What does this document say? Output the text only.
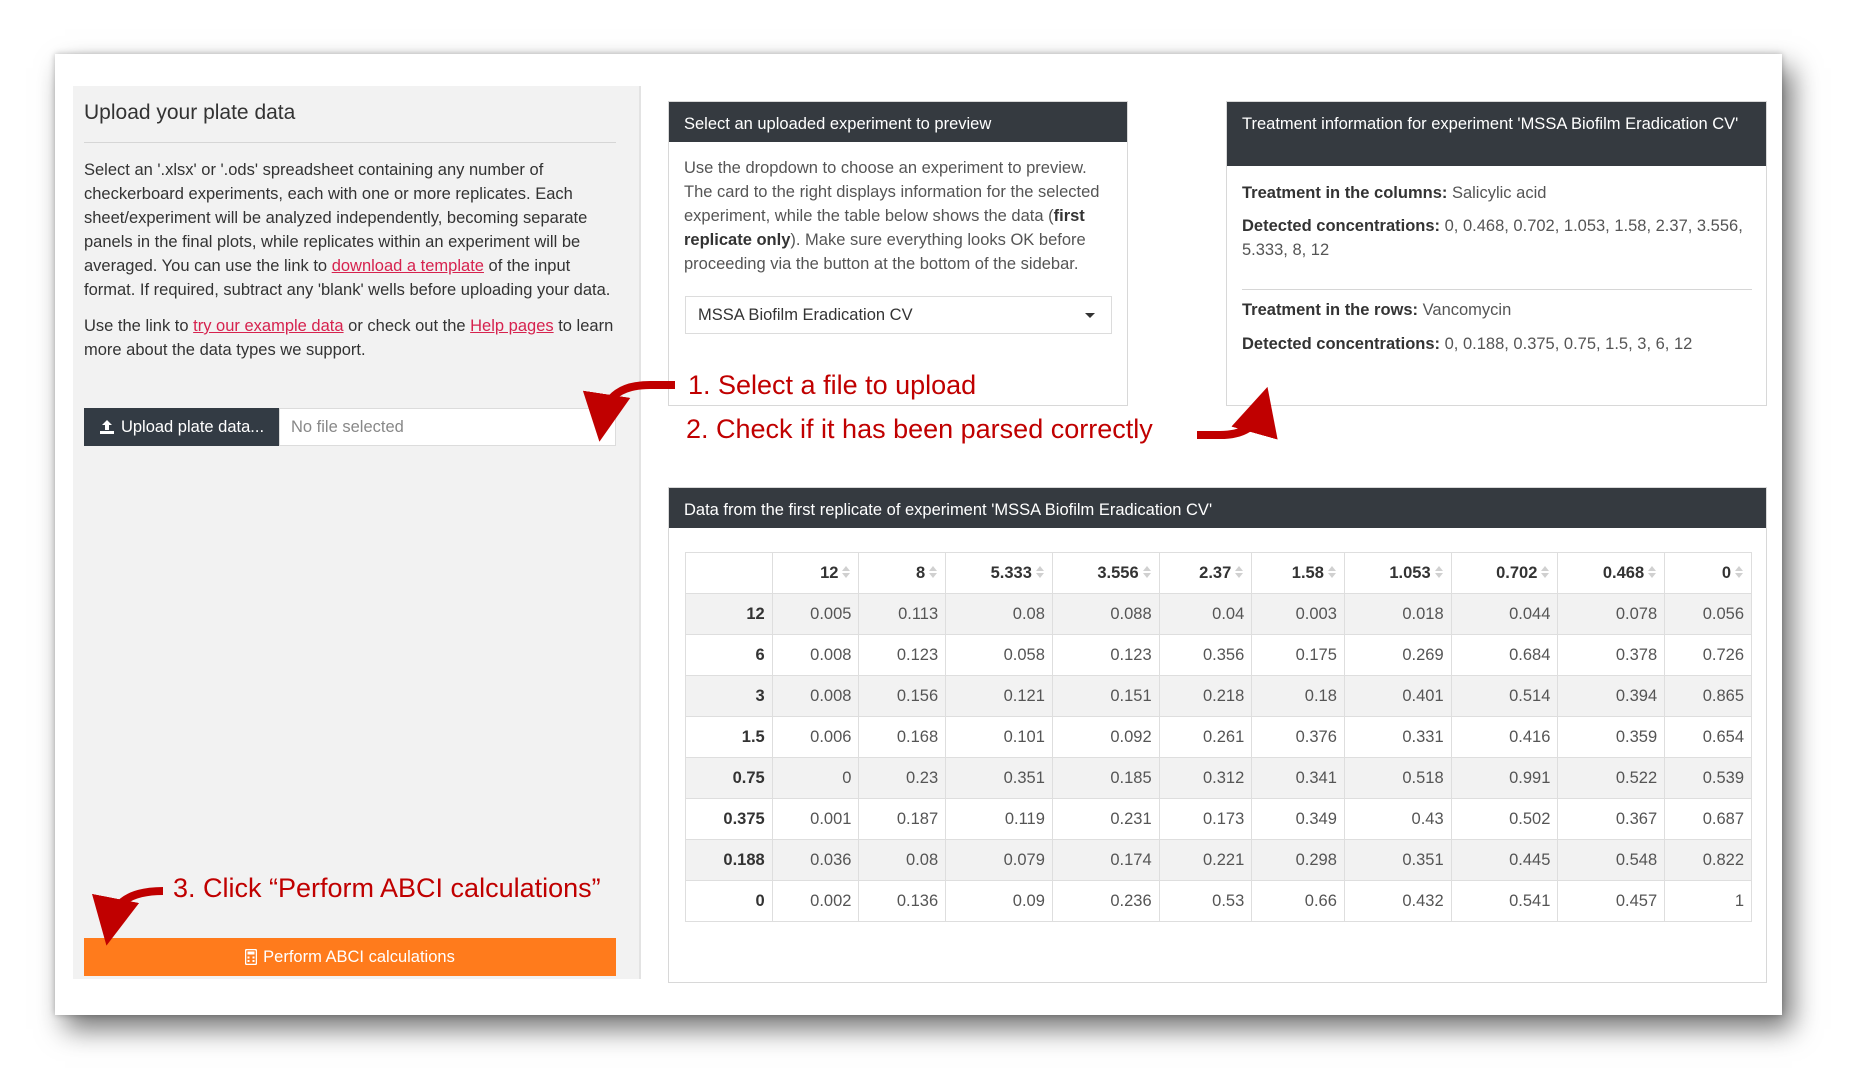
Upload your plate data

Select an '.xlsx' or '.ods' spreadsheet containing any number of checkerboard experiments, each with one or more replicates. Each sheet/experiment will be analyzed independently, becoming separate panels in the final plots, while replicates within an experiment will be averaged. You can use the link to download a template of the input format. If required, subtract any 'blank' wells before uploading your data.

Use the link to try our example data or check out the Help pages to learn more about the data types we support.

Upload plate data...	No file selected
Perform ABCI calculations
Select an uploaded experiment to preview
Use the dropdown to choose an experiment to preview. The card to the right displays information for the selected experiment, while the table below shows the data (first replicate only). Make sure everything looks OK before proceeding via the button at the bottom of the sidebar.
MSSA Biofilm Eradication CV
Treatment information for experiment 'MSSA Biofilm Eradication CV'
Treatment in the columns: Salicylic acid
Detected concentrations: 0, 0.468, 0.702, 1.053, 1.58, 2.37, 3.556, 5.333, 8, 12
Treatment in the rows: Vancomycin
Detected concentrations: 0, 0.188, 0.375, 0.75, 1.5, 3, 6, 12
Data from the first replicate of experiment 'MSSA Biofilm Eradication CV'
	12	8	5.333	3.556	2.37	1.58	1.053	0.702	0.468	0
12	0.005	0.113	0.08	0.088	0.04	0.003	0.018	0.044	0.078	0.056
6	0.008	0.123	0.058	0.123	0.356	0.175	0.269	0.684	0.378	0.726
3	0.008	0.156	0.121	0.151	0.218	0.18	0.401	0.514	0.394	0.865
1.5	0.006	0.168	0.101	0.092	0.261	0.376	0.331	0.416	0.359	0.654
0.75	0	0.23	0.351	0.185	0.312	0.341	0.518	0.991	0.522	0.539
0.375	0.001	0.187	0.119	0.231	0.173	0.349	0.43	0.502	0.367	0.687
0.188	0.036	0.08	0.079	0.174	0.221	0.298	0.351	0.445	0.548	0.822
0	0.002	0.136	0.09	0.236	0.53	0.66	0.432	0.541	0.457	1
1. Select a file to upload
2. Check if it has been parsed correctly
3. Click “Perform ABCI calculations”
